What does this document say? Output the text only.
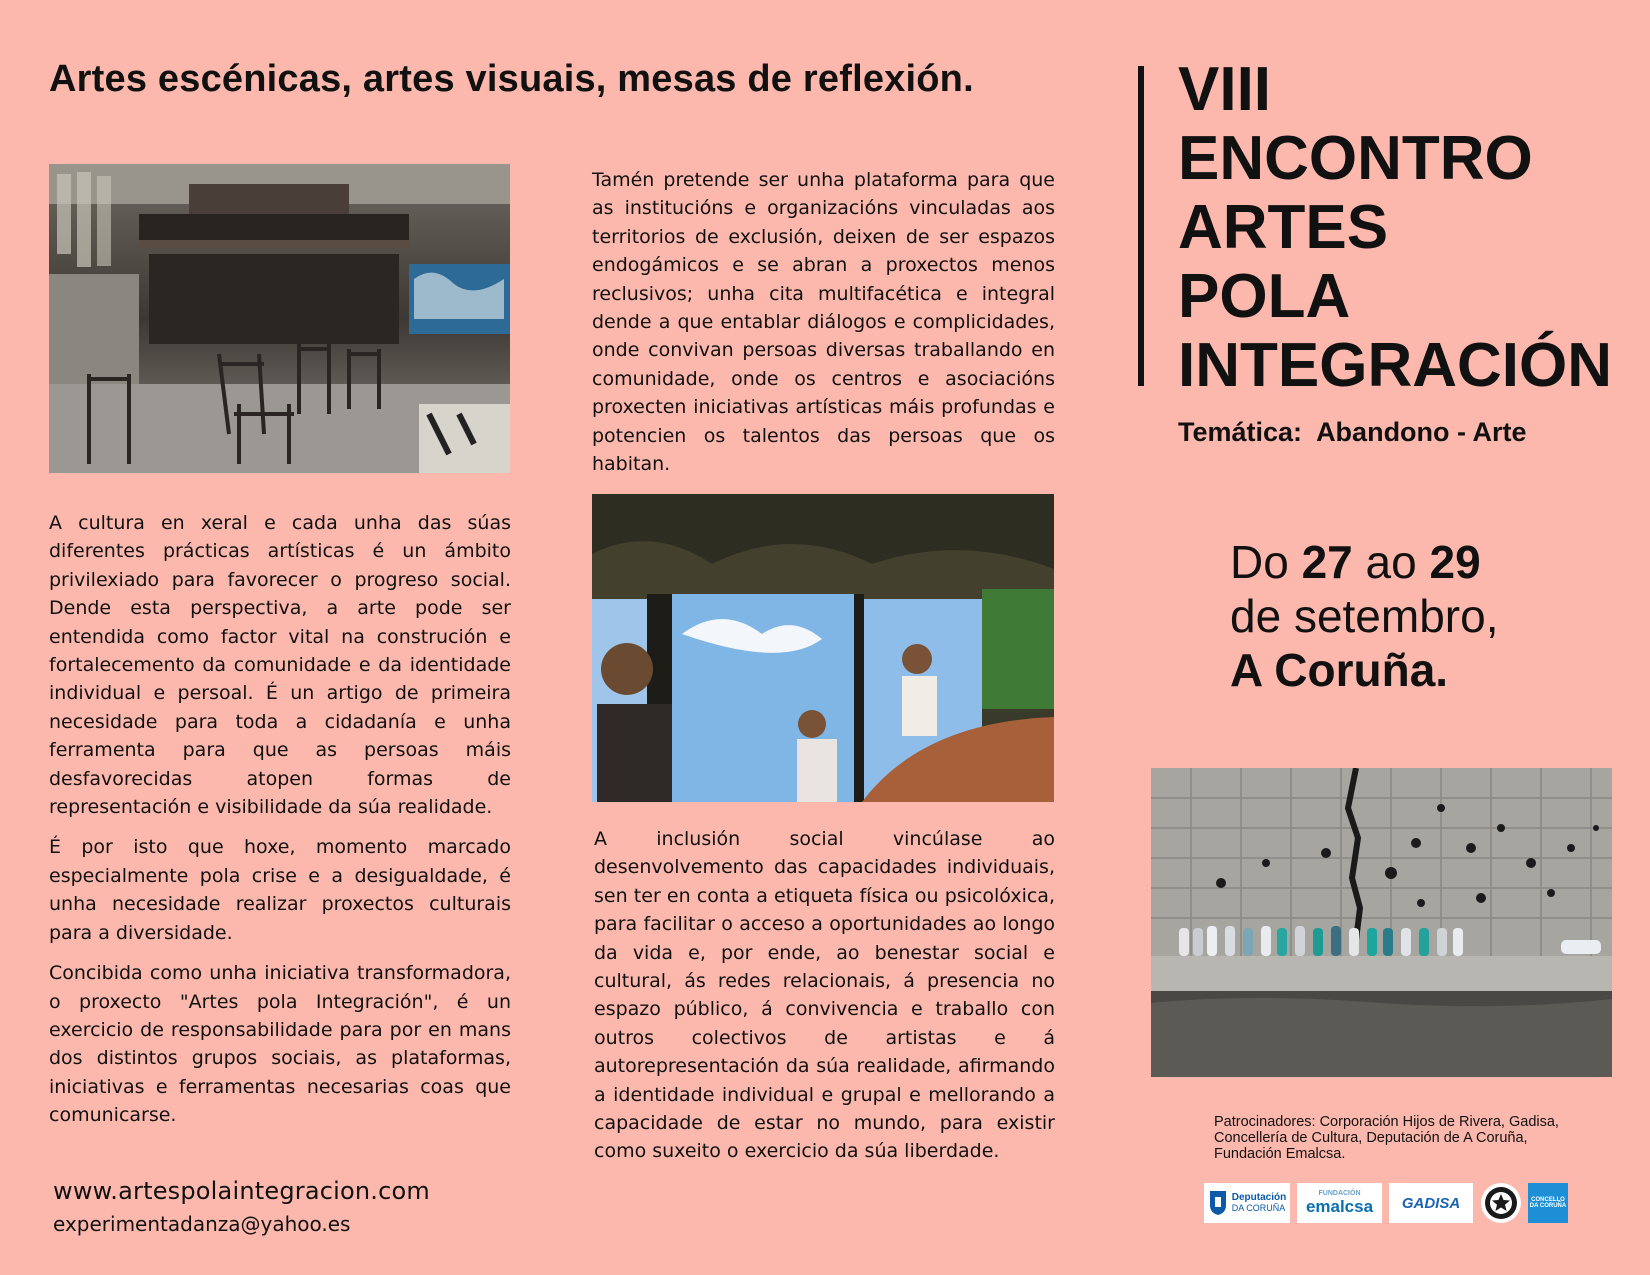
Artes escénicas, artes visuais, mesas de reflexión.

A cultura en xeral e cada unha das súas diferentes prácticas artísticas é un ámbito privilexiado para favorecer o progreso social. Dende esta perspectiva, a arte pode ser entendida como factor vital na construción e fortalecemento da comunidade e da identidade individual e persoal. É un artigo de primeira necesidade para toda a cidadanía e unha ferramenta para que as persoas máis desfavorecidas atopen formas de representación e visibilidade da súa realidade.

É por isto que hoxe, momento marcado especialmente pola crise e a desigualdade, é unha necesidade realizar proxectos culturais para a diversidade.

Concibida como unha iniciativa transformadora, o proxecto "Artes pola Integración", é un exercicio de responsabilidade para por en mans dos distintos grupos sociais, as plataformas, iniciativas e ferramentas necesarias coas que comunicarse.

Tamén pretende ser unha plataforma para que as institucións e organizacións vinculadas aos territorios de exclusión, deixen de ser espazos endogámicos e se abran a proxectos menos reclusivos; unha cita multifacética e integral dende a que entablar diálogos e complicidades, onde convivan persoas diversas traballando en comunidade, onde os centros e asociacións proxecten iniciativas artísticas máis profundas e potencien os talentos das persoas que os habitan.

A inclusión social vincúlase ao desenvolvemento das capacidades individuais, sen ter en conta a etiqueta física ou psicolóxica, para facilitar o acceso a oportunidades ao longo da vida e, por ende, ao benestar social e cultural, ás redes relacionais, á presencia no espazo público, á convivencia e traballo con outros colectivos de artistas e á autorepresentación da súa realidade, afirmando a identidade individual e grupal e mellorando a capacidade de estar no mundo, para existir como suxeito o exercicio da súa liberdade.

VIII
ENCONTRO
ARTES
POLA
INTEGRACIÓN
Temática: Abandono - Arte
Do 27 ao 29
de setembro,
A Coruña.
Patrocinadores: Corporación Hijos de Rivera, Gadisa, Concellería de Cultura, Deputación de A Coruña, Fundación Emalcsa.
Deputación
DA CORUÑA
FUNDACIÓN
emalcsa GADISA	CONCELLO
DA CORUÑA
www.artespolaintegracion.com
experimentadanza@yahoo.es
